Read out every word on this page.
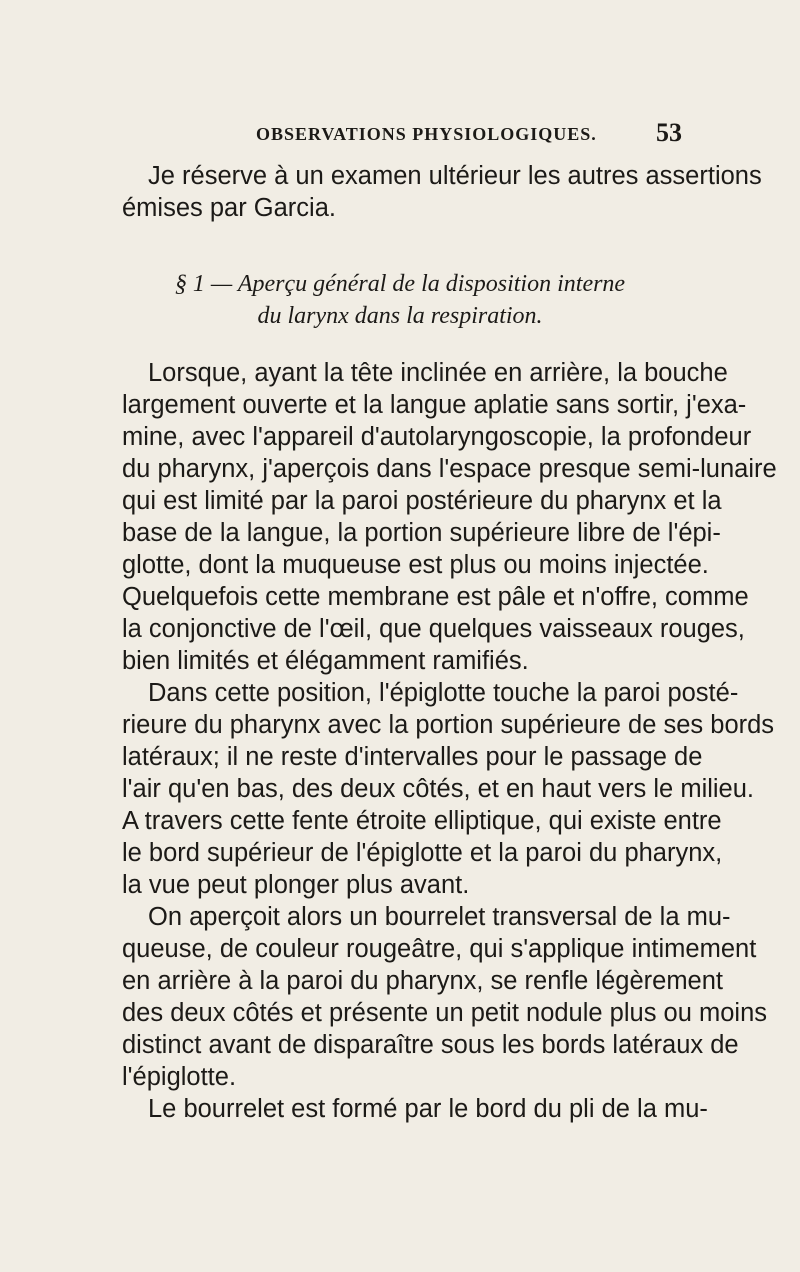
OBSERVATIONS PHYSIOLOGIQUES. 53
Je réserve à un examen ultérieur les autres assertions
émises par Garcia.
§ 1 — Aperçu général de la disposition interne
du larynx dans la respiration.
Lorsque, ayant la tête inclinée en arrière, la bouche
largement ouverte et la langue aplatie sans sortir, j'exa-
mine, avec l'appareil d'autolaryngoscopie, la profondeur
du pharynx, j'aperçois dans l'espace presque semi-lunaire
qui est limité par la paroi postérieure du pharynx et la
base de la langue, la portion supérieure libre de l'épi-
glotte, dont la muqueuse est plus ou moins injectée.
Quelquefois cette membrane est pâle et n'offre, comme
la conjonctive de l'œil, que quelques vaisseaux rouges,
bien limités et élégamment ramifiés.
Dans cette position, l'épiglotte touche la paroi posté-
rieure du pharynx avec la portion supérieure de ses bords
latéraux; il ne reste d'intervalles pour le passage de
l'air qu'en bas, des deux côtés, et en haut vers le milieu.
A travers cette fente étroite elliptique, qui existe entre
le bord supérieur de l'épiglotte et la paroi du pharynx,
la vue peut plonger plus avant.
On aperçoit alors un bourrelet transversal de la mu-
queuse, de couleur rougeâtre, qui s'applique intimement
en arrière à la paroi du pharynx, se renfle légèrement
des deux côtés et présente un petit nodule plus ou moins
distinct avant de disparaître sous les bords latéraux de
l'épiglotte.
Le bourrelet est formé par le bord du pli de la mu-
